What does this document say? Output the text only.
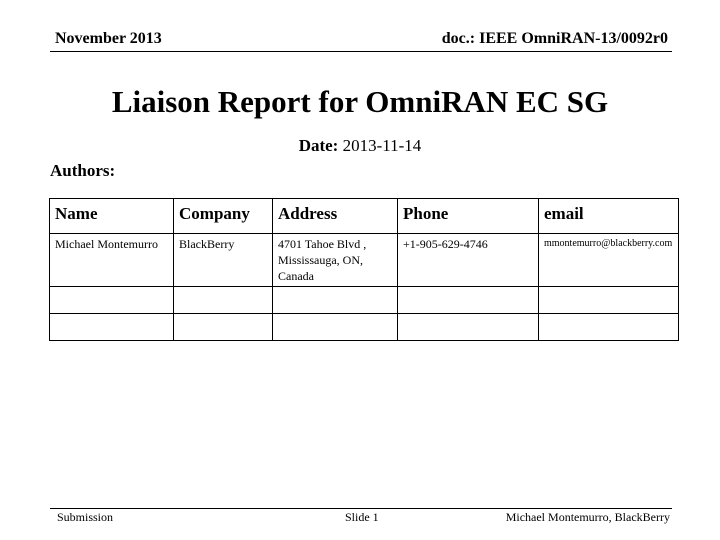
November 2013	doc.: IEEE OmniRAN-13/0092r0
Liaison Report for OmniRAN EC SG
Date: 2013-11-14
Authors:
Name	Company	Address	Phone	email
Michael Montemurro	BlackBerry	4701 Tahoe Blvd , Mississauga, ON, Canada	+1-905-629-4746	mmontemurro@blackberry.com

Submission	Slide 1	Michael Montemurro, BlackBerry
